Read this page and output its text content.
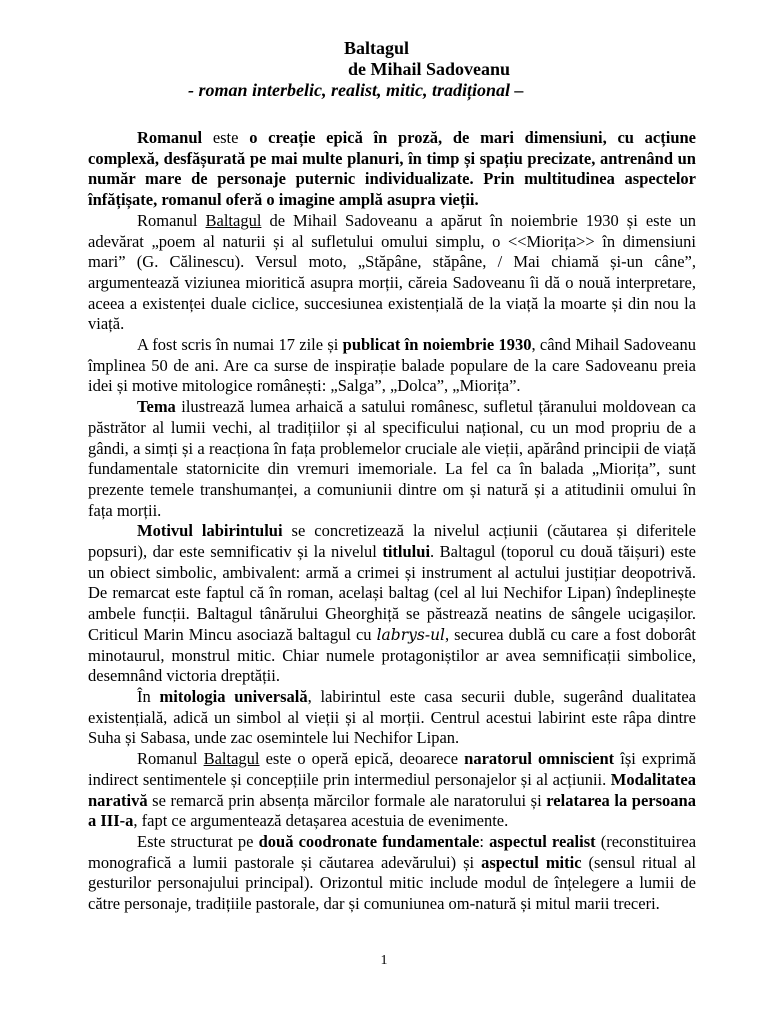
Baltagul
de Mihail Sadoveanu
- roman interbelic, realist, mitic, tradițional –

Romanul este o creație epică în proză, de mari dimensiuni, cu acțiune complexă, desfășurată pe mai multe planuri, în timp și spațiu precizate, antrenând un număr mare de personaje puternic individualizate. Prin multitudinea aspectelor înfățișate, romanul oferă o imagine amplă asupra vieții.

Romanul Baltagul de Mihail Sadoveanu a apărut în noiembrie 1930 și este un adevărat „poem al naturii și al sufletului omului simplu, o <<Miorița>> în dimensiuni mari” (G. Călinescu). Versul moto, „Stăpâne, stăpâne, / Mai chiamă și-un câne”, argumentează viziunea mioritică asupra morții, căreia Sadoveanu îi dă o nouă interpretare, aceea a existenței duale ciclice, succesiunea existențială de la viață la moarte și din nou la viață.

A fost scris în numai 17 zile și publicat în noiembrie 1930, când Mihail Sadoveanu împlinea 50 de ani. Are ca surse de inspirație balade populare de la care Sadoveanu preia idei și motive mitologice românești: „Salga”, „Dolca”, „Miorița”.

Tema ilustrează lumea arhaică a satului românesc, sufletul țăranului moldovean ca păstrător al lumii vechi, al tradițiilor și al specificului național, cu un mod propriu de a gândi, a simți și a reacționa în fața problemelor cruciale ale vieții, apărând principii de viață fundamentale statornicite din vremuri imemoriale. La fel ca în balada „Miorița”, sunt prezente temele transhumanței, a comuniunii dintre om și natură și a atitudinii omului în fața morții.

Motivul labirintului se concretizează la nivelul acțiunii (căutarea și diferitele popsuri), dar este semnificativ și la nivelul titlului. Baltagul (toporul cu două tăișuri) este un obiect simbolic, ambivalent: armă a crimei și instrument al actului justițiar deopotrivă. De remarcat este faptul că în roman, același baltag (cel al lui Nechifor Lipan) îndeplinește ambele funcții. Baltagul tânărului Gheorghiță se păstrează neatins de sângele ucigașilor. Criticul Marin Mincu asociază baltagul cu labrys-ul, securea dublă cu care a fost doborât minotaurul, monstrul mitic. Chiar numele protagoniștilor ar avea semnificații simbolice, desemnând victoria dreptății.

În mitologia universală, labirintul este casa securii duble, sugerând dualitatea existențială, adică un simbol al vieții și al morții. Centrul acestui labirint este râpa dintre Suha și Sabasa, unde zac osemintele lui Nechifor Lipan.

Romanul Baltagul este o operă epică, deoarece naratorul omniscient își exprimă indirect sentimentele și concepțiile prin intermediul personajelor și al acțiunii. Modalitatea narativă se remarcă prin absența mărcilor formale ale naratorului și relatarea la persoana a III-a, fapt ce argumentează detașarea acestuia de evenimente.

Este structurat pe două coodronate fundamentale: aspectul realist (reconstituirea monografică a lumii pastorale și căutarea adevărului) și aspectul mitic (sensul ritual al gesturilor personajului principal). Orizontul mitic include modul de înțelegere a lumii de către personaje, tradițiile pastorale, dar și comuniunea om-natură și mitul marii treceri.

1
